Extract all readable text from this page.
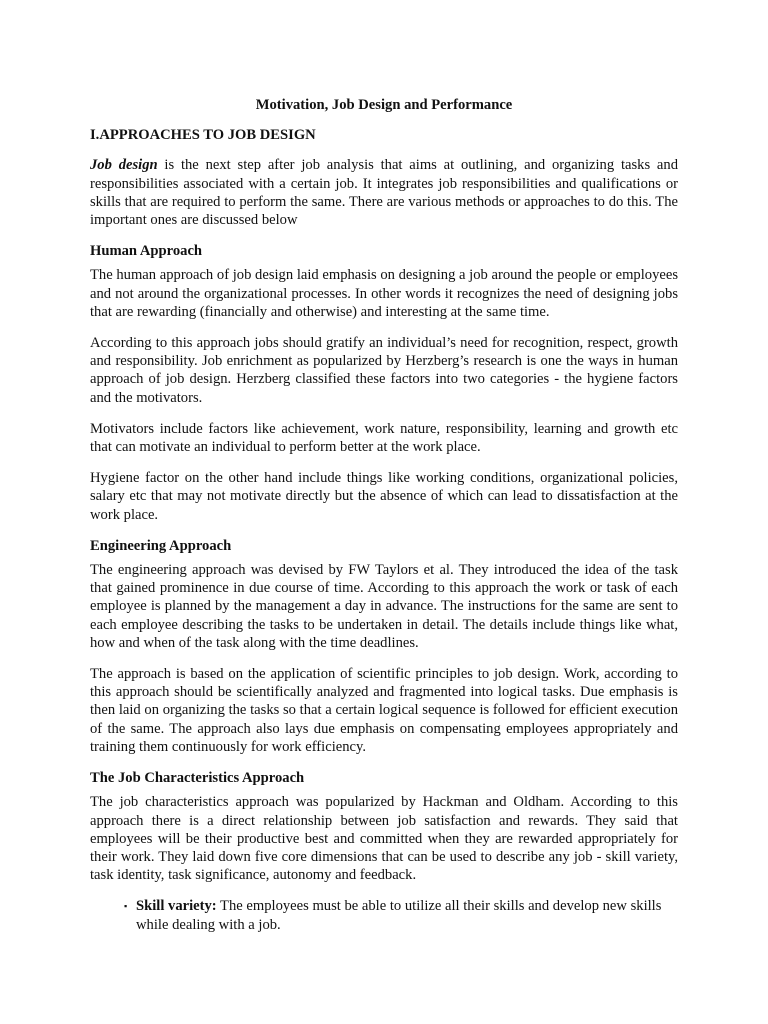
Motivation, Job Design and Performance
I.APPROACHES TO JOB DESIGN

Job design is the next step after job analysis that aims at outlining, and organizing tasks and responsibilities associated with a certain job. It integrates job responsibilities and qualifications or skills that are required to perform the same. There are various methods or approaches to do this. The important ones are discussed below

Human Approach

The human approach of job design laid emphasis on designing a job around the people or employees and not around the organizational processes. In other words it recognizes the need of designing jobs that are rewarding (financially and otherwise) and interesting at the same time.

According to this approach jobs should gratify an individual’s need for recognition, respect, growth and responsibility. Job enrichment as popularized by Herzberg’s research is one the ways in human approach of job design. Herzberg classified these factors into two categories - the hygiene factors and the motivators.

Motivators include factors like achievement, work nature, responsibility, learning and growth etc that can motivate an individual to perform better at the work place.

Hygiene factor on the other hand include things like working conditions, organizational policies, salary etc that may not motivate directly but the absence of which can lead to dissatisfaction at the work place.

Engineering Approach

The engineering approach was devised by FW Taylors et al. They introduced the idea of the task that gained prominence in due course of time. According to this approach the work or task of each employee is planned by the management a day in advance. The instructions for the same are sent to each employee describing the tasks to be undertaken in detail. The details include things like what, how and when of the task along with the time deadlines.

The approach is based on the application of scientific principles to job design. Work, according to this approach should be scientifically analyzed and fragmented into logical tasks. Due emphasis is then laid on organizing the tasks so that a certain logical sequence is followed for efficient execution of the same. The approach also lays due emphasis on compensating employees appropriately and training them continuously for work efficiency.

The Job Characteristics Approach

The job characteristics approach was popularized by Hackman and Oldham. According to this approach there is a direct relationship between job satisfaction and rewards. They said that employees will be their productive best and committed when they are rewarded appropriately for their work. They laid down five core dimensions that can be used to describe any job - skill variety, task identity, task significance, autonomy and feedback.

▪ Skill variety: The employees must be able to utilize all their skills and develop new skills while dealing with a job.
